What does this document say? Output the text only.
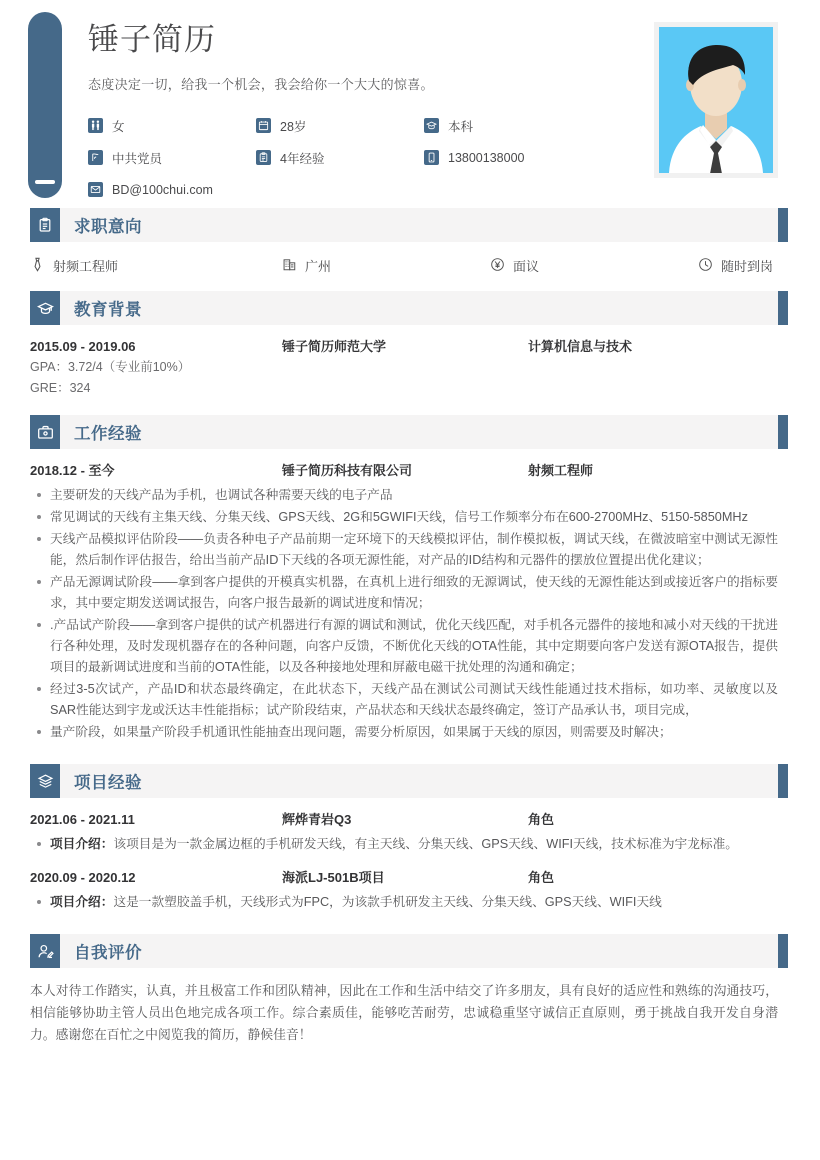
锤子简历
态度决定一切，给我一个机会，我会给你一个大大的惊喜。
女	28岁	本科
中共党员	4年经验	13800138000
BD@100chui.com
求职意向
射频工程师	广州	面议	随时到岗
教育背景
2015.09 - 2019.06	锤子简历师范大学	计算机信息与技术
GPA：3.72/4（专业前10%）
GRE：324
工作经验
2018.12 - 至今	锤子简历科技有限公司	射频工程师
主要研发的天线产品为手机，也调试各种需要天线的电子产品
常见调试的天线有主集天线、分集天线、GPS天线、2G和5GWIFI天线，信号工作频率分布在600-2700MHz、5150-5850MHz
天线产品模拟评估阶段——负责各种电子产品前期一定环境下的天线模拟评估，制作模拟板，调试天线，在微波暗室中测试无源性能，然后制作评估报告，给出当前产品ID下天线的各项无源性能，对产品的ID结构和元器件的摆放位置提出优化建议；
产品无源调试阶段——拿到客户提供的开模真实机器，在真机上进行细致的无源调试，使天线的无源性能达到或接近客户的指标要求，其中要定期发送调试报告，向客户报告最新的调试进度和情况；
.产品试产阶段——拿到客户提供的试产机器进行有源的调试和测试，优化天线匹配，对手机各元器件的接地和减小对天线的干扰进行各种处理，及时发现机器存在的各种问题，向客户反馈，不断优化天线的OTA性能，其中定期要向客户发送有源OTA报告，提供项目的最新调试进度和当前的OTA性能，以及各种接地处理和屏蔽电磁干扰处理的沟通和确定；
经过3-5次试产，产品ID和状态最终确定，在此状态下，天线产品在测试公司测试天线性能通过技术指标，如功率、灵敏度以及SAR性能达到宇龙或沃达丰性能指标；试产阶段结束，产品状态和天线状态最终确定，签订产品承认书，项目完成，
量产阶段，如果量产阶段手机通讯性能抽查出现问题，需要分析原因，如果属于天线的原因，则需要及时解决；
项目经验
2021.06 - 2021.11	辉烨青岩Q3	角色
项目介绍：该项目是为一款金属边框的手机研发天线，有主天线、分集天线、GPS天线、WIFI天线，技术标准为宇龙标准。
2020.09 - 2020.12	海派LJ-501B项目	角色
项目介绍：这是一款塑胶盖手机，天线形式为FPC，为该款手机研发主天线、分集天线、GPS天线、WIFI天线
自我评价
本人对待工作踏实，认真，并且极富工作和团队精神，因此在工作和生活中结交了许多朋友，具有良好的适应性和熟练的沟通技巧，相信能够协助主管人员出色地完成各项工作。综合素质佳，能够吃苦耐劳，忠诚稳重坚守诚信正直原则，勇于挑战自我开发自身潜力。感谢您在百忙之中阅览我的简历，静候佳音！
